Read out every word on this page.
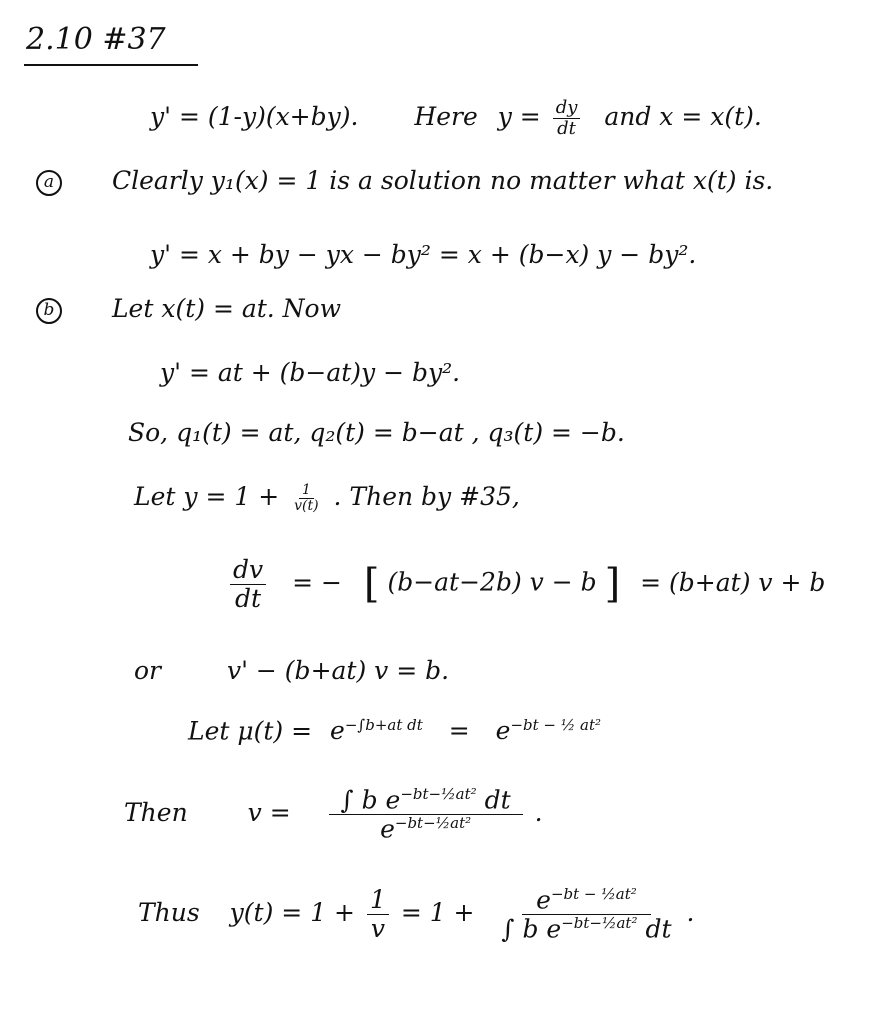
2.10 #37
y' = (1-y)(x+by). Here $y = \frac{dy}{dt}$ and x = x(t).
a Clearly y₁(x) = 1 is a solution no matter what x(t) is.
y' = x + by − yx − by² = x + (b−x) y − by².
b Let x(t) = at. Now
y' = at + (b−at)y − by².
So, q₁(t) = at, q₂(t) = b−at , q₃(t) = −b.
Let $y = 1 + \frac{1}{v(t)}$ . Then by #35,
$\frac{dv}{dt}$ = − [ (b−at−2b) v − b ] = (b+at) v + b
or	v' − (b+at) v = b.
Let $\mu(t) = e^{-\int b+at dt} = e^{-bt - \frac{1}{2} at^2}$
Then $v = \frac{\int b e^{-bt-\frac{1}{2}at^2} dt}{e^{-bt-\frac{1}{2}at^2}}$ .
Thus $y(t) = 1 + \frac{1}{v} = 1 + \frac{e^{-bt - \frac{1}{2}at^2}}{\int b e^{-bt-\frac{1}{2}at^2} dt}$ .
